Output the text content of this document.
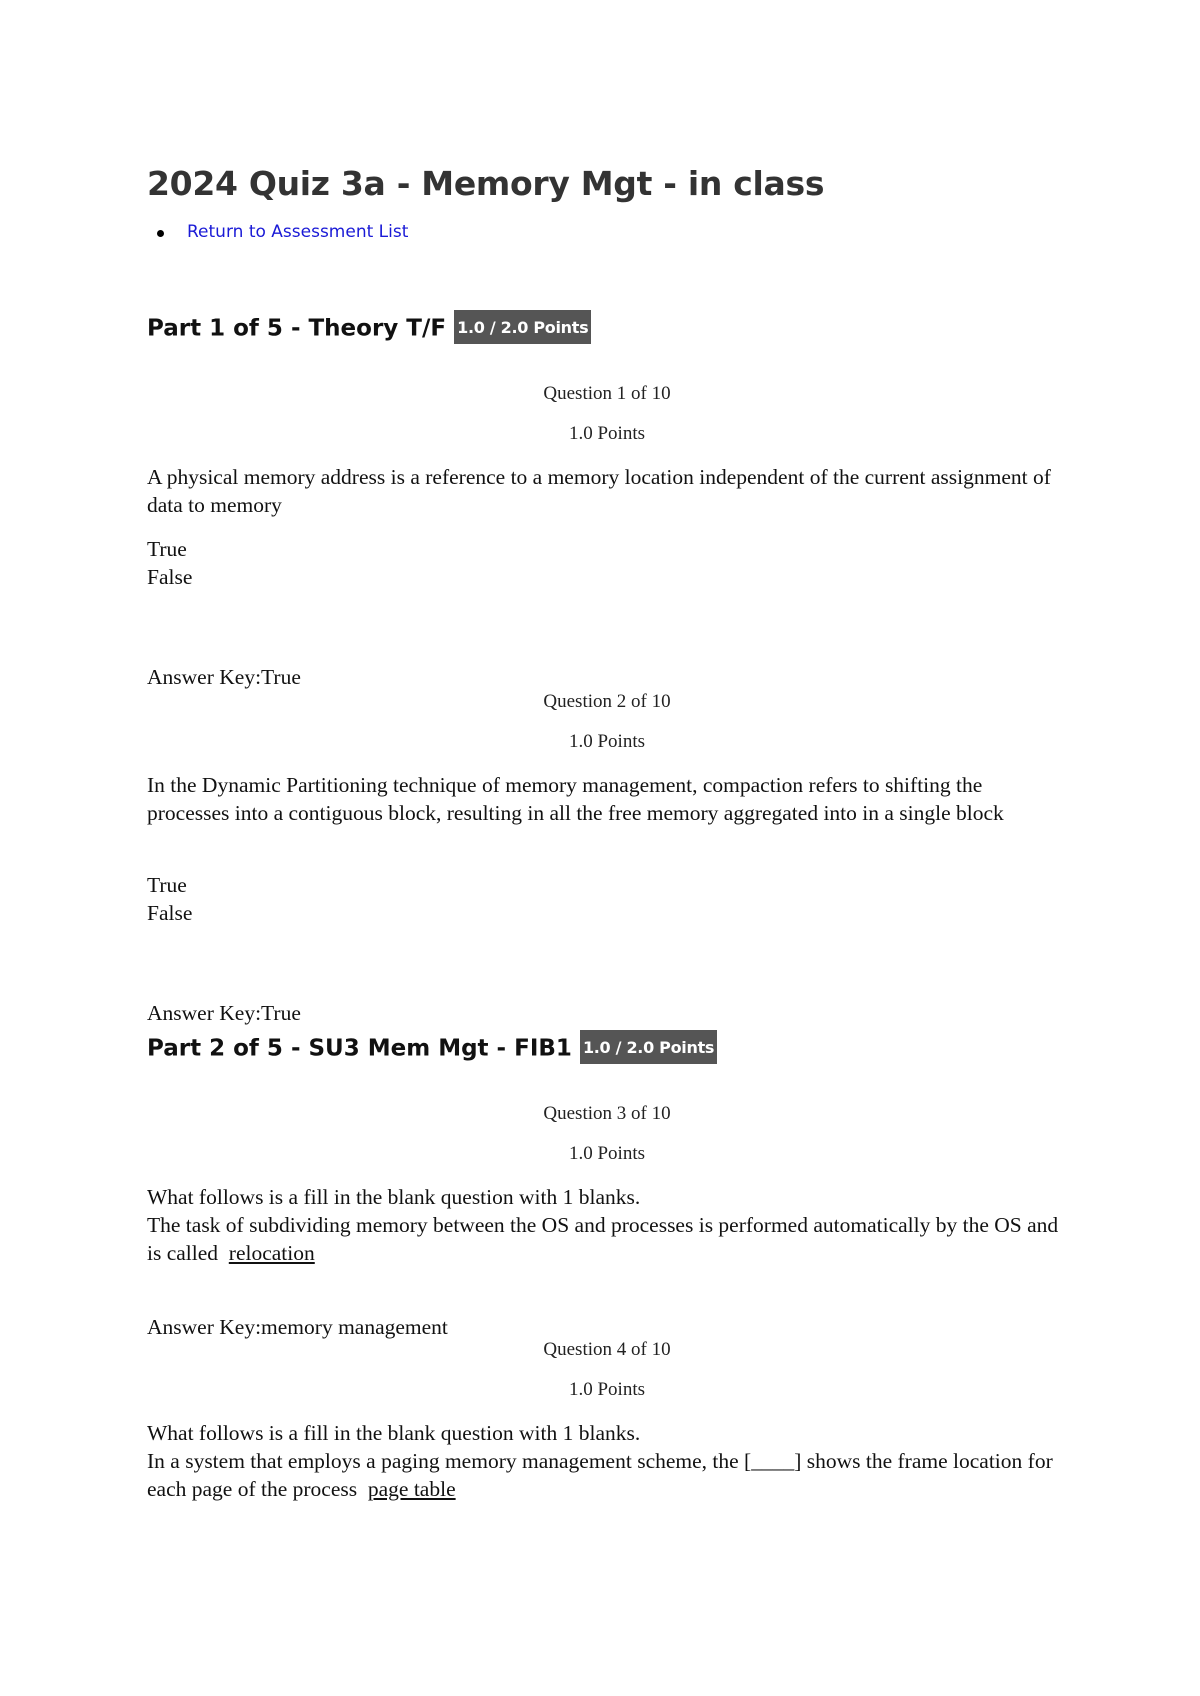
2024 Quiz 3a - Memory Mgt - in class
Return to Assessment List
Part 1 of 5 - Theory T/F 1.0 / 2.0 Points
Question 1 of 10
1.0 Points

A physical memory address is a reference to a memory location independent of the current assignment of data to memory

True
False
Answer Key:True
Question 2 of 10
1.0 Points

In the Dynamic Partitioning technique of memory management, compaction refers to shifting the processes into a contiguous block, resulting in all the free memory aggregated into in a single block

True
False
Answer Key:True
Part 2 of 5 - SU3 Mem Mgt - FIB1 1.0 / 2.0 Points
Question 3 of 10
1.0 Points
What follows is a fill in the blank question with 1 blanks.
The task of subdividing memory between the OS and processes is performed automatically by the OS and is called relocation
Answer Key:memory management
Question 4 of 10
1.0 Points
What follows is a fill in the blank question with 1 blanks.
In a system that employs a paging memory management scheme, the [____] shows the frame location for each page of the process page table
